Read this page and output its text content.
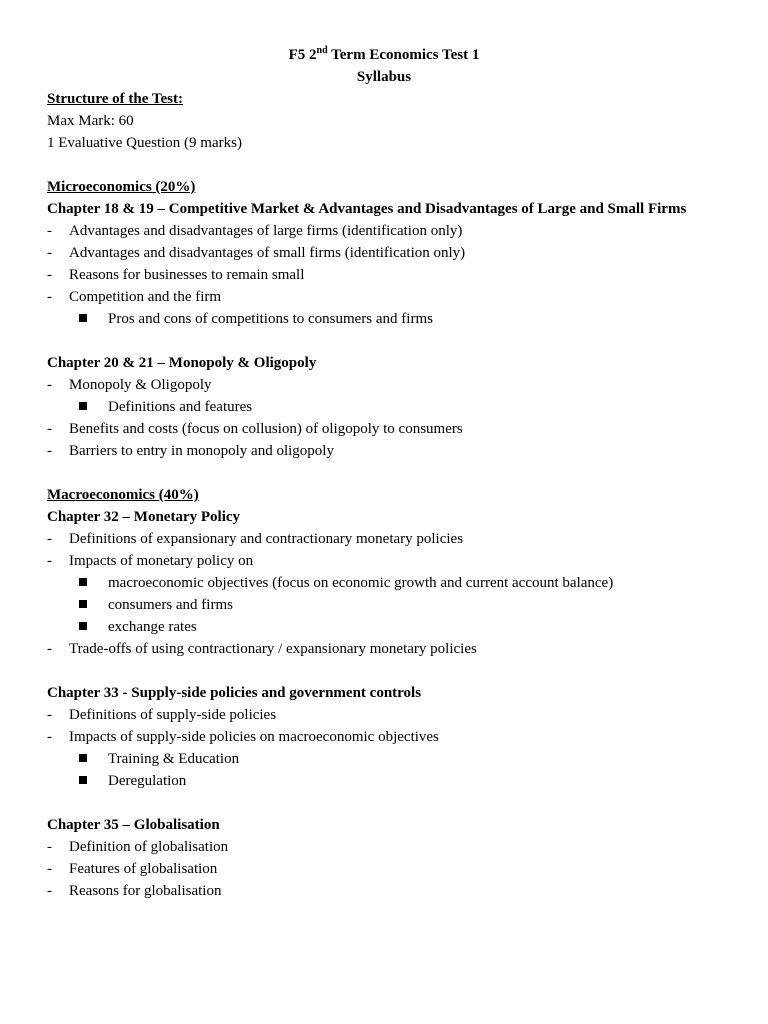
F5 2nd Term Economics Test 1
Syllabus
Structure of the Test:
Max Mark: 60
1 Evaluative Question (9 marks)
Microeconomics (20%)
Chapter 18 & 19 – Competitive Market & Advantages and Disadvantages of Large and Small Firms
- Advantages and disadvantages of large firms (identification only)
- Advantages and disadvantages of small firms (identification only)
- Reasons for businesses to remain small
- Competition and the firm
Pros and cons of competitions to consumers and firms
Chapter 20 & 21 – Monopoly & Oligopoly
- Monopoly & Oligopoly
Definitions and features
- Benefits and costs (focus on collusion) of oligopoly to consumers
- Barriers to entry in monopoly and oligopoly
Macroeconomics (40%)
Chapter 32 – Monetary Policy
- Definitions of expansionary and contractionary monetary policies
- Impacts of monetary policy on
macroeconomic objectives (focus on economic growth and current account balance)
consumers and firms
exchange rates
- Trade-offs of using contractionary / expansionary monetary policies
Chapter 33 - Supply-side policies and government controls
- Definitions of supply-side policies
- Impacts of supply-side policies on macroeconomic objectives
Training & Education
Deregulation
Chapter 35 – Globalisation
- Definition of globalisation
- Features of globalisation
- Reasons for globalisation
